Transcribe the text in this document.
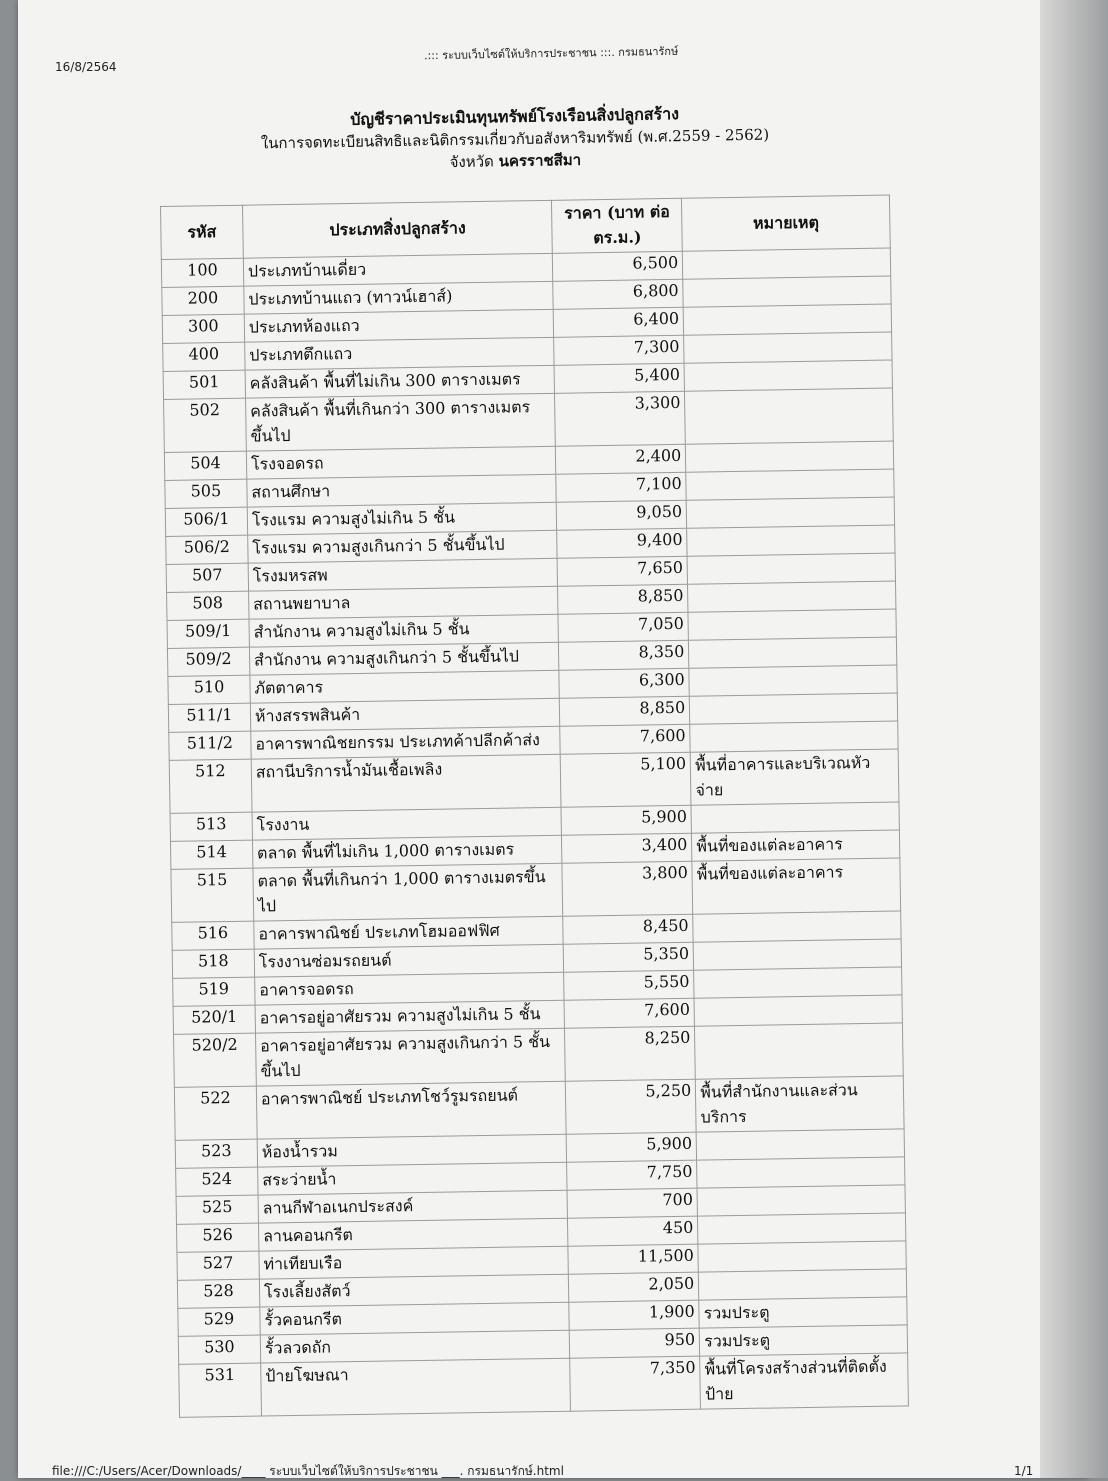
16/8/2564
.::: ระบบเว็บไซต์ให้บริการประชาชน :::. กรมธนารักษ์
บัญชีราคาประเมินทุนทรัพย์โรงเรือนสิ่งปลูกสร้าง
ในการจดทะเบียนสิทธิและนิติกรรมเกี่ยวกับอสังหาริมทรัพย์ (พ.ศ.2559 - 2562)
จังหวัด นครราชสีมา
รหัส	ประเภทสิ่งปลูกสร้าง	ราคา (บาท ต่อ ตร.ม.)	หมายเหตุ
100	ประเภทบ้านเดี่ยว	6,500	
200	ประเภทบ้านแถว (ทาวน์เฮาส์)	6,800	
300	ประเภทห้องแถว	6,400	
400	ประเภทตึกแถว	7,300	
501	คลังสินค้า พื้นที่ไม่เกิน 300 ตารางเมตร	5,400	
502	คลังสินค้า พื้นที่เกินกว่า 300 ตารางเมตรขึ้นไป	3,300	
504	โรงจอดรถ	2,400	
505	สถานศึกษา	7,100	
506/1	โรงแรม ความสูงไม่เกิน 5 ชั้น	9,050	
506/2	โรงแรม ความสูงเกินกว่า 5 ชั้นขึ้นไป	9,400	
507	โรงมหรสพ	7,650	
508	สถานพยาบาล	8,850	
509/1	สำนักงาน ความสูงไม่เกิน 5 ชั้น	7,050	
509/2	สำนักงาน ความสูงเกินกว่า 5 ชั้นขึ้นไป	8,350	
510	ภัตตาคาร	6,300	
511/1	ห้างสรรพสินค้า	8,850	
511/2	อาคารพาณิชยกรรม ประเภทค้าปลีกค้าส่ง	7,600	
512	สถานีบริการน้ำมันเชื้อเพลิง	5,100	พื้นที่อาคารและบริเวณหัวจ่าย
513	โรงงาน	5,900	
514	ตลาด พื้นที่ไม่เกิน 1,000 ตารางเมตร	3,400	พื้นที่ของแต่ละอาคาร
515	ตลาด พื้นที่เกินกว่า 1,000 ตารางเมตรขึ้นไป	3,800	พื้นที่ของแต่ละอาคาร
516	อาคารพาณิชย์ ประเภทโฮมออฟฟิศ	8,450	
518	โรงงานซ่อมรถยนต์	5,350	
519	อาคารจอดรถ	5,550	
520/1	อาคารอยู่อาศัยรวม ความสูงไม่เกิน 5 ชั้น	7,600	
520/2	อาคารอยู่อาศัยรวม ความสูงเกินกว่า 5 ชั้นขึ้นไป	8,250	
522	อาคารพาณิชย์ ประเภทโชว์รูมรถยนต์	5,250	พื้นที่สำนักงานและส่วนบริการ
523	ห้องน้ำรวม	5,900	
524	สระว่ายน้ำ	7,750	
525	ลานกีฬาอเนกประสงค์	700	
526	ลานคอนกรีต	450	
527	ท่าเทียบเรือ	11,500	
528	โรงเลี้ยงสัตว์	2,050	
529	รั้วคอนกรีต	1,900	รวมประตู
530	รั้วลวดถัก	950	รวมประตู
531	ป้ายโฆษณา	7,350	พื้นที่โครงสร้างส่วนที่ติดตั้งป้าย
file:///C:/Users/Acer/Downloads/____ ระบบเว็บไซต์ให้บริการประชาชน ___. กรมธนารักษ์.html	1/1
